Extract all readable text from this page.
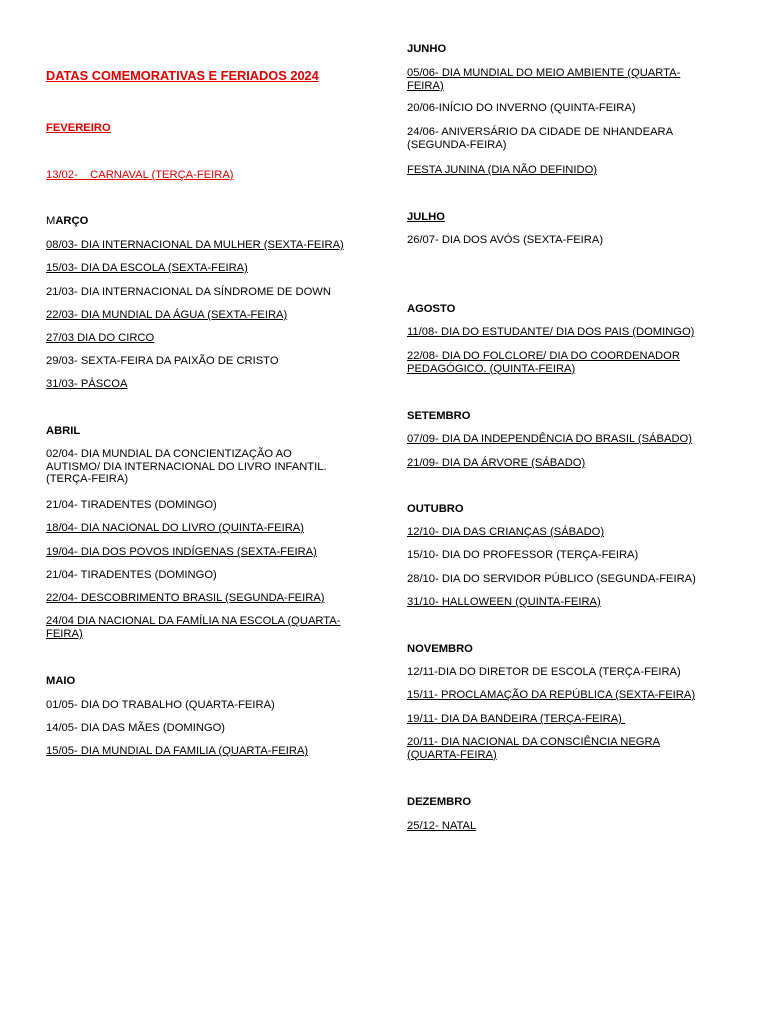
DATAS COMEMORATIVAS E FERIADOS 2024
FEVEREIRO
13/02-    CARNAVAL (TERÇA-FEIRA)
MARÇO
08/03- DIA INTERNACIONAL DA MULHER (SEXTA-FEIRA)
15/03- DIA DA ESCOLA (SEXTA-FEIRA)
21/03- DIA INTERNACIONAL DA SÍNDROME DE DOWN
22/03- DIA MUNDIAL DA ÁGUA (SEXTA-FEIRA)
27/03 DIA DO CIRCO
29/03- SEXTA-FEIRA DA PAIXÃO DE CRISTO
31/03- PÁSCOA
ABRIL
02/04- DIA MUNDIAL DA CONCIENTIZAÇÃO AO AUTISMO/ DIA INTERNACIONAL DO LIVRO INFANTIL. (TERÇA-FEIRA)
21/04- TIRADENTES (DOMINGO)
18/04- DIA NACIONAL DO LIVRO (QUINTA-FEIRA)
19/04- DIA DOS POVOS INDÍGENAS (SEXTA-FEIRA)
21/04- TIRADENTES (DOMINGO)
22/04- DESCOBRIMENTO BRASIL (SEGUNDA-FEIRA)
24/04 DIA NACIONAL DA FAMÍLIA NA ESCOLA (QUARTA-FEIRA)
MAIO
01/05- DIA DO TRABALHO (QUARTA-FEIRA)
14/05- DIA DAS MÃES (DOMINGO)
15/05- DIA MUNDIAL DA FAMILIA (QUARTA-FEIRA)
JUNHO
05/06- DIA MUNDIAL DO MEIO AMBIENTE (QUARTA-FEIRA)
20/06-INÍCIO DO INVERNO (QUINTA-FEIRA)
24/06- ANIVERSÁRIO DA CIDADE DE NHANDEARA (SEGUNDA-FEIRA)
FESTA JUNINA (DIA NÃO DEFINIDO)
JULHO
26/07- DIA DOS AVÓS (SEXTA-FEIRA)
AGOSTO
11/08- DIA DO ESTUDANTE/ DIA DOS PAIS (DOMINGO)
22/08- DIA DO FOLCLORE/ DIA DO COORDENADOR PEDAGÓGICO. (QUINTA-FEIRA)
SETEMBRO
07/09- DIA DA INDEPENDÊNCIA DO BRASIL (SÁBADO)
21/09- DIA DA ÁRVORE (SÁBADO)
OUTUBRO
12/10- DIA DAS CRIANÇAS (SÁBADO)
15/10- DIA DO PROFESSOR (TERÇA-FEIRA)
28/10- DIA DO SERVIDOR PÚBLICO (SEGUNDA-FEIRA)
31/10- HALLOWEEN (QUINTA-FEIRA)
NOVEMBRO
12/11-DIA DO DIRETOR DE ESCOLA (TERÇA-FEIRA)
15/11- PROCLAMAÇÃO DA REPÚBLICA (SEXTA-FEIRA)
19/11- DIA DA BANDEIRA (TERÇA-FEIRA)
20/11- DIA NACIONAL DA CONSCIÊNCIA NEGRA (QUARTA-FEIRA)
DEZEMBRO
25/12- NATAL
